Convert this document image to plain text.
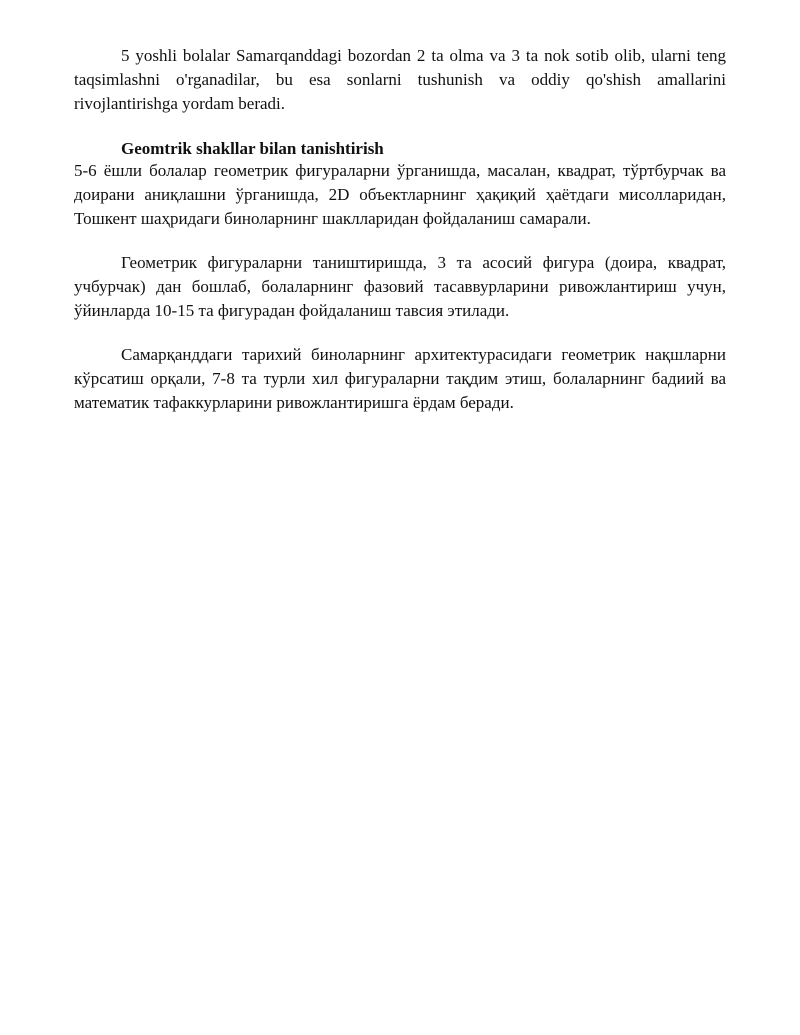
5 yoshli bolalar Samarqanddagi bozordan 2 ta olma va 3 ta nok sotib olib, ularni teng taqsimlashni o'rganadilar, bu esa sonlarni tushunish va oddiy qo'shish amallarini rivojlantirishga yordam beradi.

Geomtrik shakllar bilan tanishtirish

5-6 ёшли болалар геометрик фигураларни ўрганишда, масалан, квадрат, тўртбурчак ва доирани аниқлашни ўрганишда, 2D объектларнинг ҳақиқий ҳаётдаги мисолларидан, Тошкент шаҳридаги биноларнинг шаклларидан фойдаланиш самарали.

Геометрик фигураларни таништиришда, 3 та асосий фигура (доира, квадрат, учбурчак) дан бошлаб, болаларнинг фазовий тасаввурларини ривожлантириш учун, ўйинларда 10-15 та фигурадан фойдаланиш тавсия этилади.

Самарқанддаги тарихий биноларнинг архитектурасидаги геометрик нақшларни кўрсатиш орқали, 7-8 та турли хил фигураларни тақдим этиш, болаларнинг бадиий ва математик тафаккурларини ривожлантиришга ёрдам беради.
